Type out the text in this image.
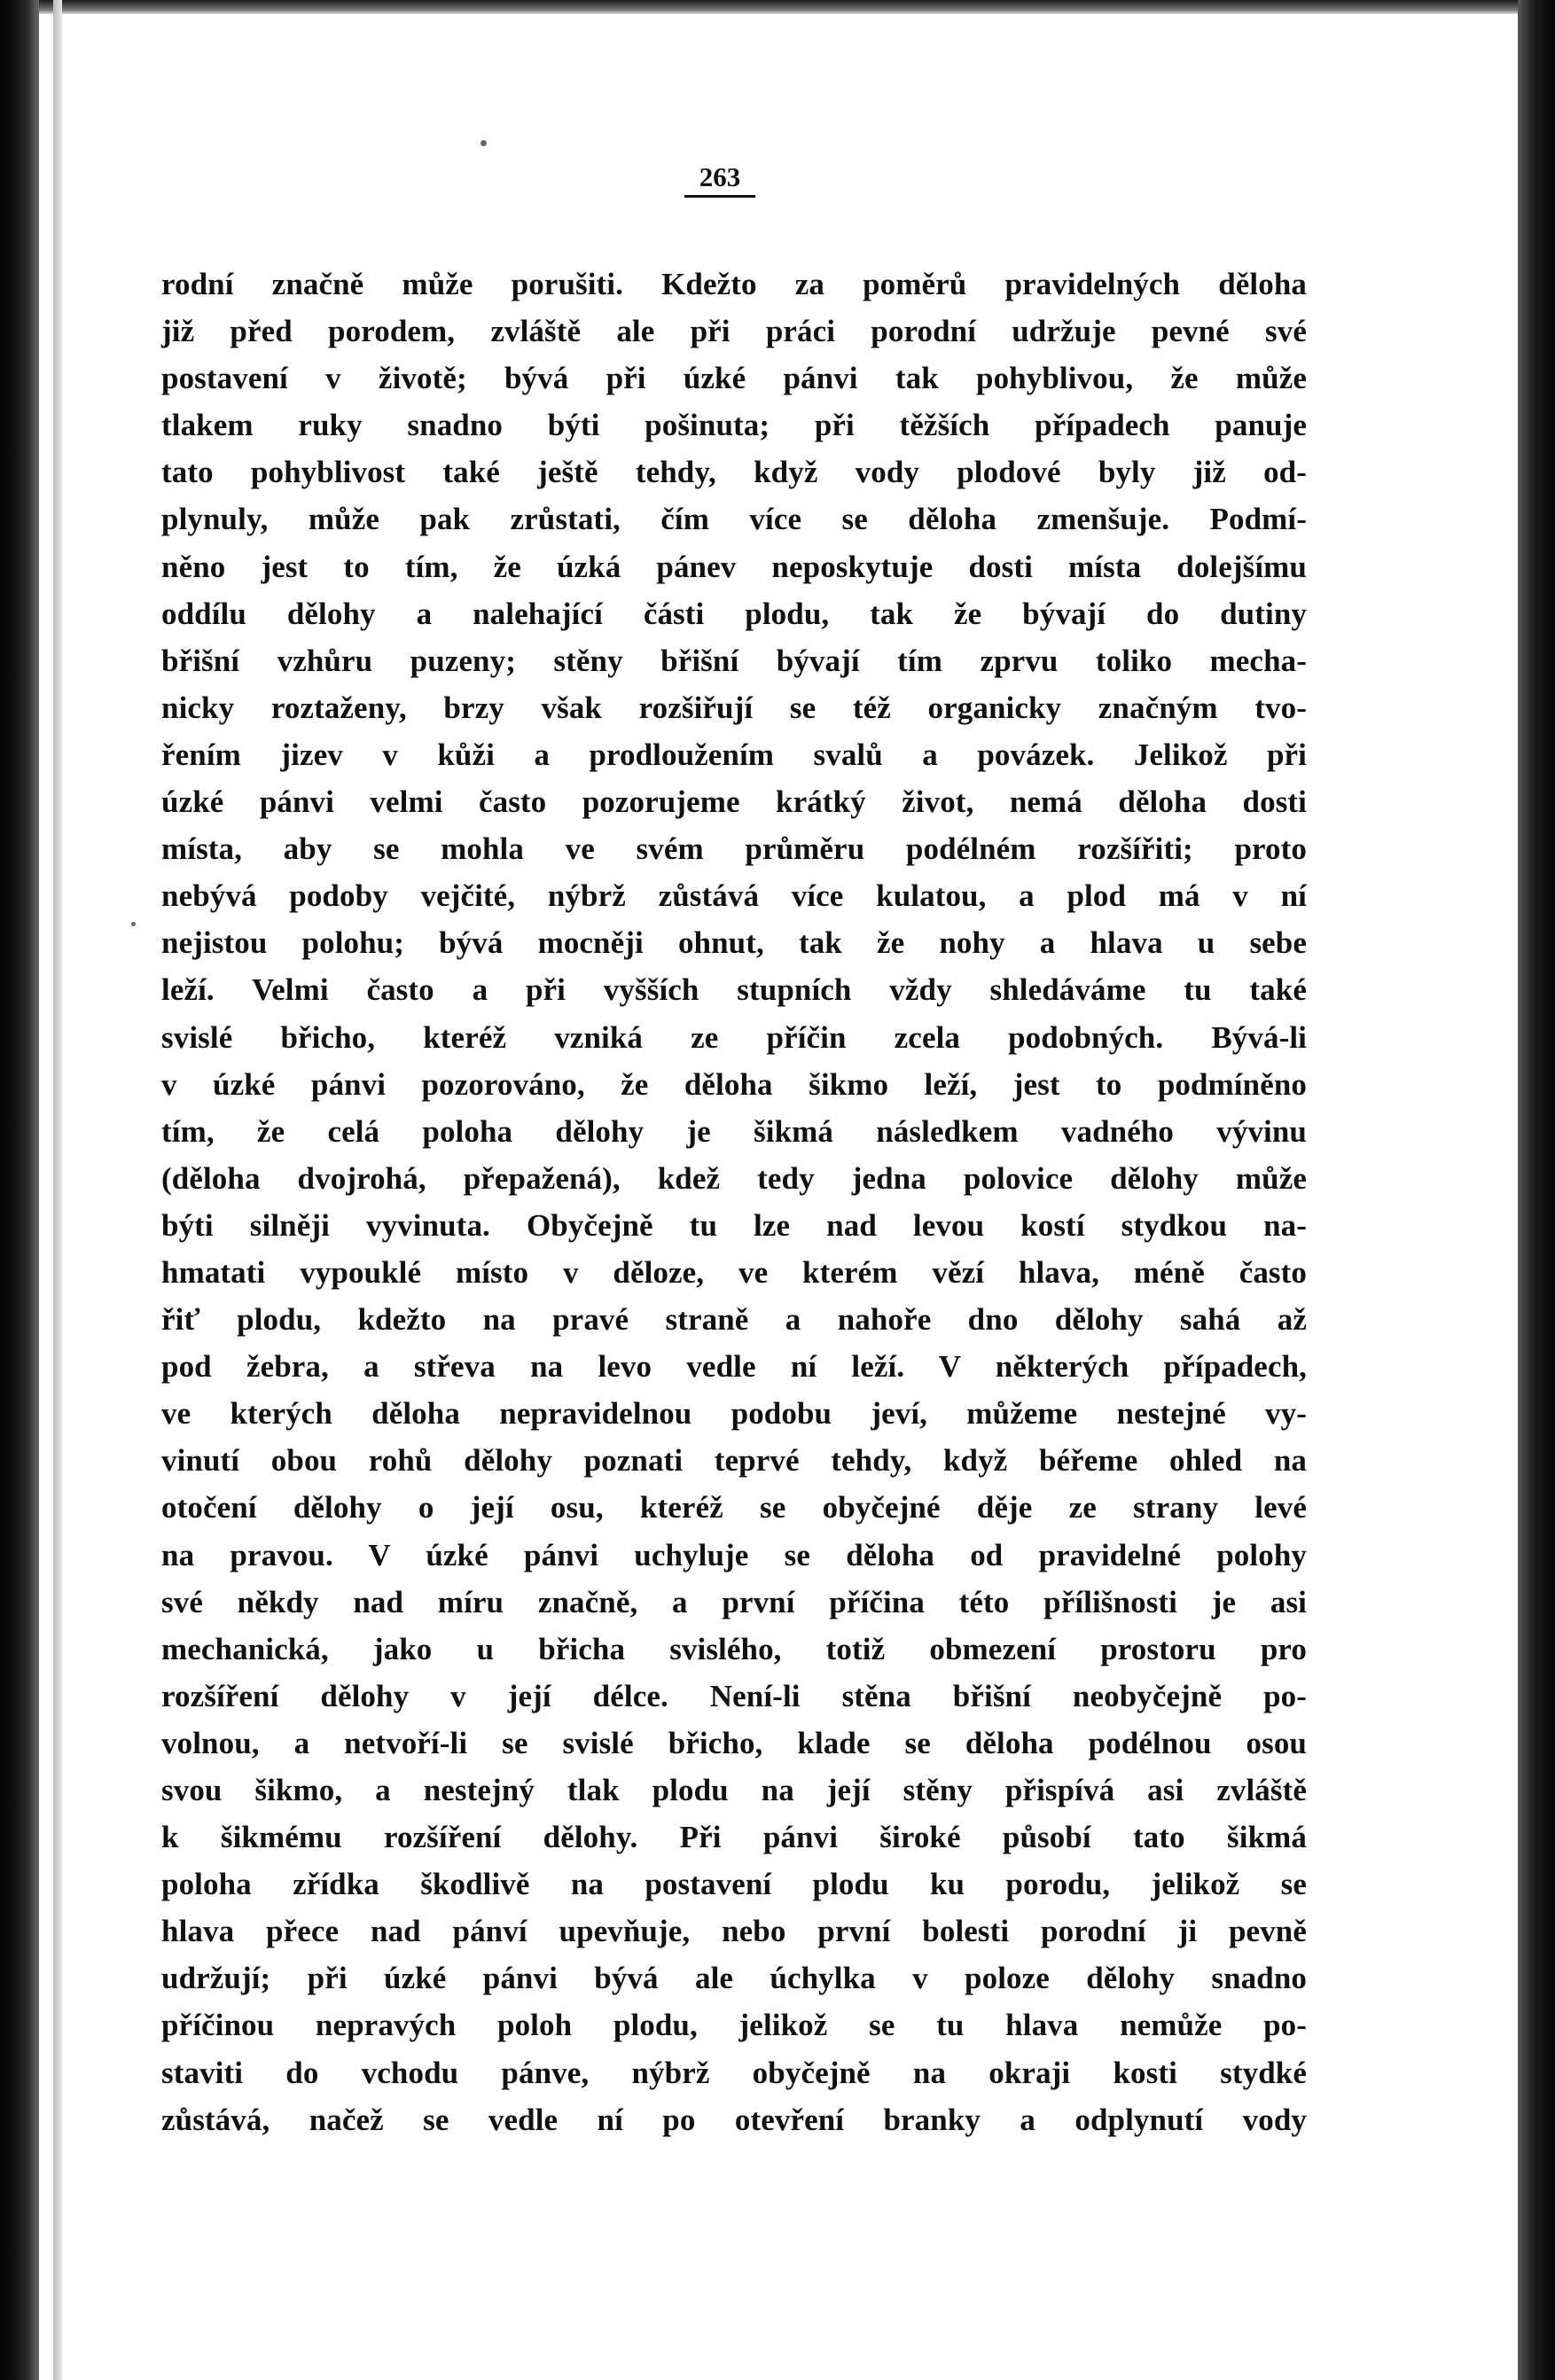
263
rodní značně může porušiti. Kdežto za poměrů pravidelných děloha
již před porodem, zvláště ale při práci porodní udržuje pevné své
postavení v životě; bývá při úzké pánvi tak pohyblivou, že může
tlakem ruky snadno býti pošinuta; při těžších případech panuje
tato pohyblivost také ještě tehdy, když vody plodové byly již od-
plynuly, může pak zrůstati, čím více se děloha zmenšuje. Podmí-
něno jest to tím, že úzká pánev neposkytuje dosti místa dolejšímu
oddílu dělohy a nalehající části plodu, tak že bývají do dutiny
břišní vzhůru puzeny; stěny břišní bývají tím zprvu toliko mecha-
nicky roztaženy, brzy však rozšiřují se též organicky značným tvo-
řením jizev v kůži a prodloužením svalů a povázek. Jelikož při
úzké pánvi velmi často pozorujeme krátký život, nemá děloha dosti
místa, aby se mohla ve svém průměru podélném rozšířiti; proto
nebývá podoby vejčité, nýbrž zůstává více kulatou, a plod má v ní
nejistou polohu; bývá mocněji ohnut, tak že nohy a hlava u sebe
leží. Velmi často a při vyšších stupních vždy shledáváme tu také
svislé břicho, kteréž vzniká ze příčin zcela podobných. Bývá-li
v úzké pánvi pozorováno, že děloha šikmo leží, jest to podmíněno
tím, že celá poloha dělohy je šikmá následkem vadného vývinu
(děloha dvojrohá, přepažená), kdež tedy jedna polovice dělohy může
býti silněji vyvinuta. Obyčejně tu lze nad levou kostí stydkou na-
hmatati vypouklé místo v děloze, ve kterém vězí hlava, méně často
řiť plodu, kdežto na pravé straně a nahoře dno dělohy sahá až
pod žebra, a střeva na levo vedle ní leží. V některých případech,
ve kterých děloha nepravidelnou podobu jeví, můžeme nestejné vy-
vinutí obou rohů dělohy poznati teprvé tehdy, když béřeme ohled na
otočení dělohy o její osu, kteréž se obyčejné děje ze strany levé
na pravou. V úzké pánvi uchyluje se děloha od pravidelné polohy
své někdy nad míru značně, a první příčina této přílišnosti je asi
mechanická, jako u břicha svislého, totiž obmezení prostoru pro
rozšíření dělohy v její délce. Není-li stěna břišní neobyčejně po-
volnou, a netvoří-li se svislé břicho, klade se děloha podélnou osou
svou šikmo, a nestejný tlak plodu na její stěny přispívá asi zvláště
k šikmému rozšíření dělohy. Při pánvi široké působí tato šikmá
poloha zřídka škodlivě na postavení plodu ku porodu, jelikož se
hlava přece nad pánví upevňuje, nebo první bolesti porodní ji pevně
udržují; při úzké pánvi bývá ale úchylka v poloze dělohy snadno
příčinou nepravých poloh plodu, jelikož se tu hlava nemůže po-
staviti do vchodu pánve, nýbrž obyčejně na okraji kosti stydké
zůstává, načež se vedle ní po otevření branky a odplynutí vody
